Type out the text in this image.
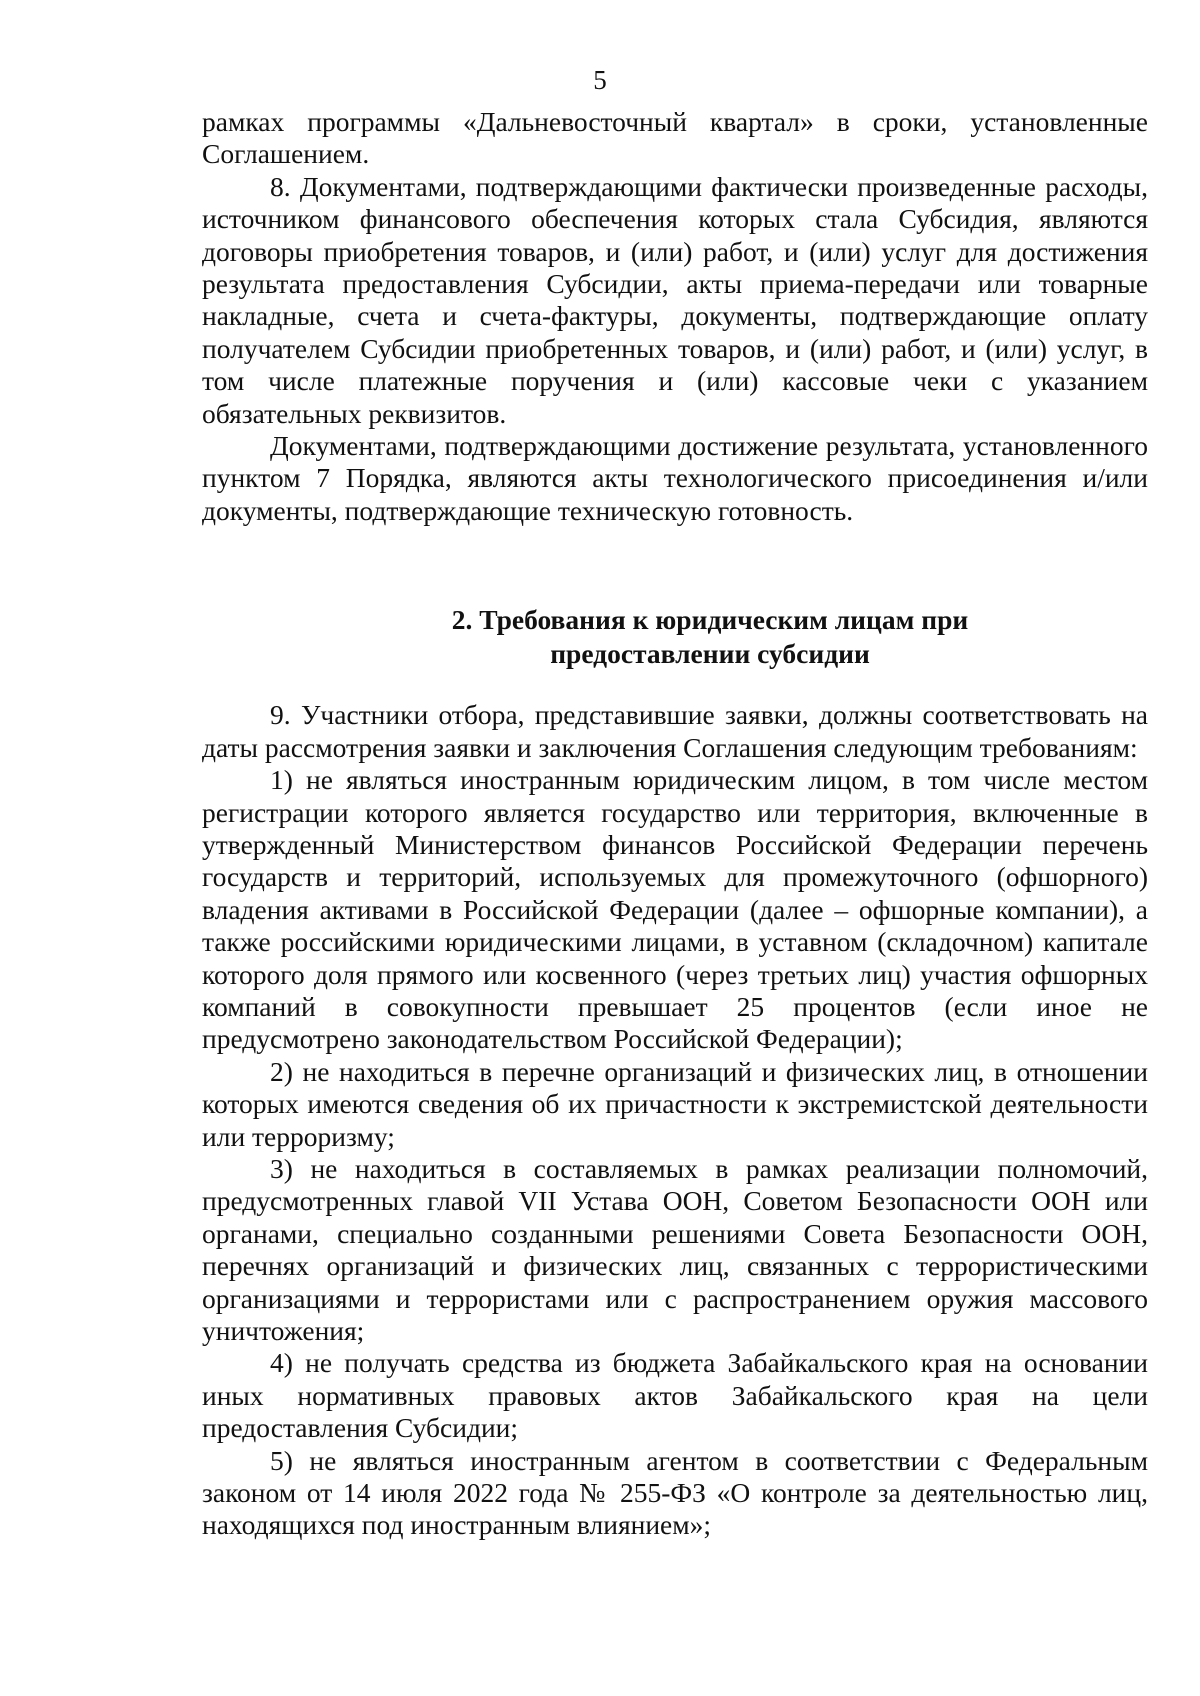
5

рамках программы «Дальневосточный квартал» в сроки, установленные Соглашением.

8. Документами, подтверждающими фактически произведенные расходы, источником финансового обеспечения которых стала Субсидия, являются договоры приобретения товаров, и (или) работ, и (или) услуг для достижения результата предоставления Субсидии, акты приема-передачи или товарные накладные, счета и счета-фактуры, документы, подтверждающие оплату получателем Субсидии приобретенных товаров, и (или) работ, и (или) услуг, в том числе платежные поручения и (или) кассовые чеки с указанием обязательных реквизитов.

Документами, подтверждающими достижение результата, установленного пунктом 7 Порядка, являются акты технологического присоединения и/или документы, подтверждающие техническую готовность.

2. Требования к юридическим лицам при
предоставлении субсидии

9. Участники отбора, представившие заявки, должны соответствовать на даты рассмотрения заявки и заключения Соглашения следующим требованиям:

1) не являться иностранным юридическим лицом, в том числе местом регистрации которого является государство или территория, включенные в утвержденный Министерством финансов Российской Федерации перечень государств и территорий, используемых для промежуточного (офшорного) владения активами в Российской Федерации (далее – офшорные компании), а также российскими юридическими лицами, в уставном (складочном) капитале которого доля прямого или косвенного (через третьих лиц) участия офшорных компаний в совокупности превышает 25 процентов (если иное не предусмотрено законодательством Российской Федерации);

2) не находиться в перечне организаций и физических лиц, в отношении которых имеются сведения об их причастности к экстремистской деятельности или терроризму;

3) не находиться в составляемых в рамках реализации полномочий, предусмотренных главой VII Устава ООН, Советом Безопасности ООН или органами, специально созданными решениями Совета Безопасности ООН, перечнях организаций и физических лиц, связанных с террористическими организациями и террористами или с распространением оружия массового уничтожения;

4) не получать средства из бюджета Забайкальского края на основании иных нормативных правовых актов Забайкальского края на цели предоставления Субсидии;

5) не являться иностранным агентом в соответствии с Федеральным законом от 14 июля 2022 года № 255-ФЗ «О контроле за деятельностью лиц, находящихся под иностранным влиянием»;
